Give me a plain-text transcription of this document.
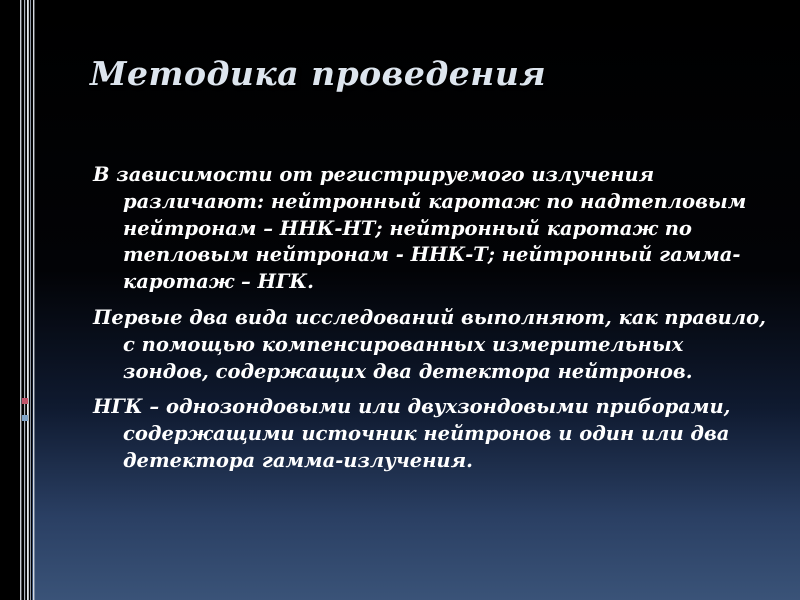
Методика проведения

В зависимости от регистрируемого излучения различают: нейтронный каротаж по надтепловым нейтронам – ННК-НТ; нейтронный каротаж по тепловым нейтронам - ННК-Т; нейтронный гамма-каротаж – НГК.

Первые два вида исследований выполняют, как правило, с помощью компенсированных измерительных зондов, содержащих два детектора нейтронов.

НГК – однозондовыми или двухзондовыми приборами, содержащими источник нейтронов и один или два детектора гамма-излучения.
